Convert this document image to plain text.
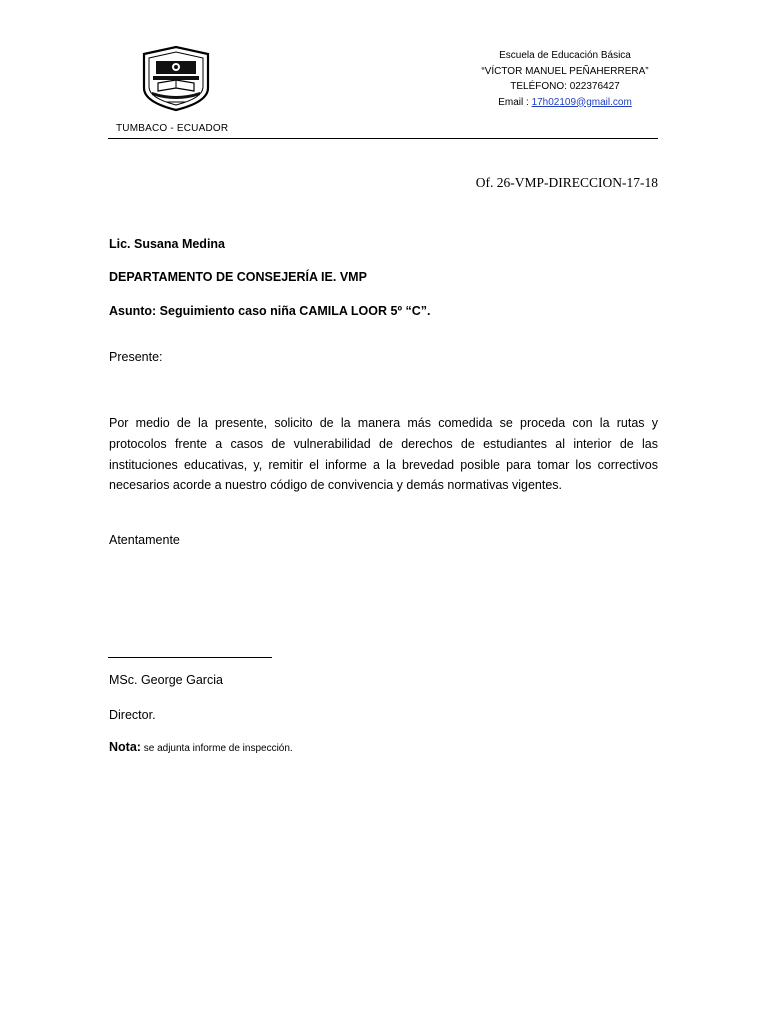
Escuela de Educación Básica
“VÍCTOR MANUEL PEÑAHERRERA”
TELÉFONO: 022376427
Email : 17h02109@gmail.com
TUMBACO - ECUADOR
Of. 26-VMP-DIRECCION-17-18
Lic. Susana Medina
DEPARTAMENTO DE CONSEJERÍA IE. VMP
Asunto: Seguimiento caso niña CAMILA LOOR 5º “C”.
Presente:
Por medio de la presente, solicito de la manera más comedida se proceda con la rutas y protocolos frente a casos de vulnerabilidad de derechos de estudiantes al interior de las instituciones educativas, y, remitir el informe a la brevedad posible para tomar los correctivos necesarios acorde a nuestro código de convivencia y demás normativas vigentes.
Atentamente
MSc. George Garcia
Director.
Nota: se adjunta informe de inspección.
